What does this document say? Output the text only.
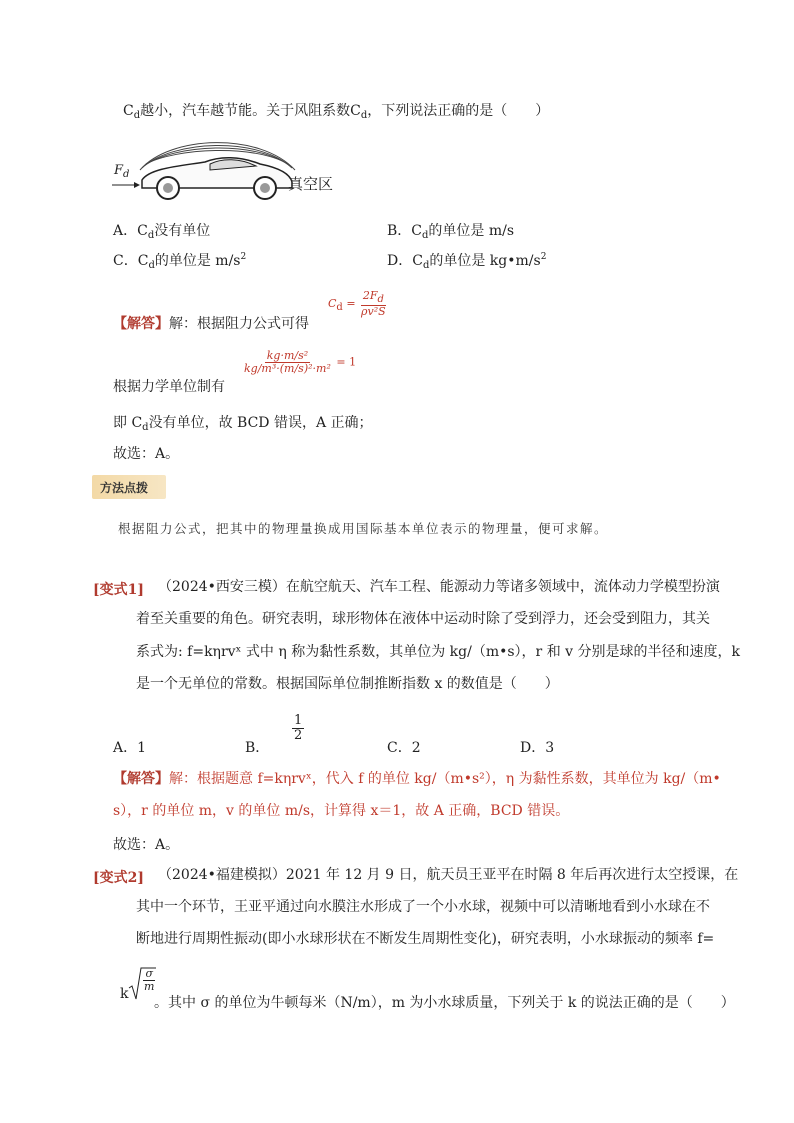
$C_d$越小，汽车越节能。关于风阻系数$C_d$，下列说法正确的是（　　）
$F_d$
真空区
A．$C_d$没有单位	B．$C_d$的单位是 m/s
C．$C_d$的单位是 $m/s^2$	D．$C_d$的单位是 $kg•m/s^2$
【解答】解：根据阻力公式可得
$Cd = \frac{2Fd}{\text{ρv²S}}$
根据力学单位制有
$\frac{\text{kg·m/s²}}{\text{kg/m³·(m/s)²·m²}} = 1$
即 $C_d$没有单位，故 BCD 错误，A 正确；
故选：A。
方法点拨
根据阻力公式，把其中的物理量换成用国际基本单位表示的物理量，便可求解。
[变式1] （2024•西安三模）在航空航天、汽车工程、能源动力等诸多领域中，流体动力学模型扮演
着至关重要的角色。研究表明，球形物体在液体中运动时除了受到浮力，还会受到阻力，其关
系式为: f=kηrvˣ 式中 η 称为黏性系数，其单位为 kg/（m•s），r 和 v 分别是球的半径和速度，k
是一个无单位的常数。根据国际单位制推断指数 x 的数值是（　　）
A．1	B．
$\frac{1}{2}$
C．2	D．3
【解答】解：根据题意 f=kηrvˣ，代入 f 的单位 kg/（m•s²），η 为黏性系数，其单位为 kg/（m•
s），r 的单位 m，v 的单位 m/s，计算得 x＝1，故 A 正确，BCD 错误。
故选：A。
[变式2] （2024•福建模拟）2021 年 12 月 9 日，航天员王亚平在时隔 8 年后再次进行太空授课，在
其中一个环节，王亚平通过向水膜注水形成了一个小水球，视频中可以清晰地看到小水球在不
断地进行周期性振动(即小水球形状在不断发生周期性变化)，研究表明，小水球振动的频率 f=
k
$\frac{\sigma}{m}$
。其中 σ 的单位为牛顿每米（N/m），m 为小水球质量，下列关于 k 的说法正确的是（　　）
